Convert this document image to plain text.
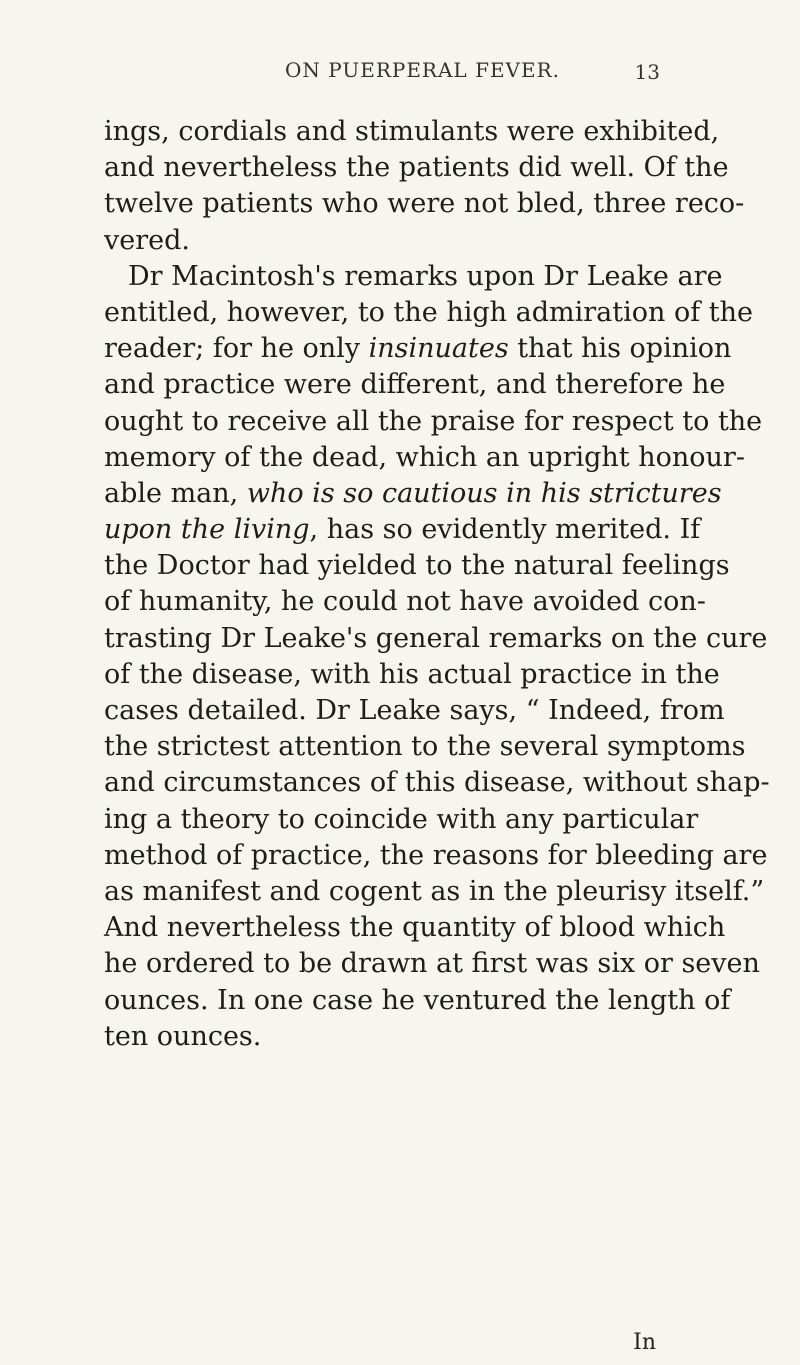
ON PUERPERAL FEVER.	13
ings, cordials and stimulants were exhibited,
and nevertheless the patients did well. Of the
twelve patients who were not bled, three reco-
vered.
Dr Macintosh's remarks upon Dr Leake are
entitled, however, to the high admiration of the
reader; for he only insinuates that his opinion
and practice were different, and therefore he
ought to receive all the praise for respect to the
memory of the dead, which an upright honour-
able man, who is so cautious in his strictures
upon the living, has so evidently merited. If
the Doctor had yielded to the natural feelings
of humanity, he could not have avoided con-
trasting Dr Leake's general remarks on the cure
of the disease, with his actual practice in the
cases detailed. Dr Leake says, “ Indeed, from
the strictest attention to the several symptoms
and circumstances of this disease, without shap-
ing a theory to coincide with any particular
method of practice, the reasons for bleeding are
as manifest and cogent as in the pleurisy itself.”
And nevertheless the quantity of blood which
he ordered to be drawn at first was six or seven
ounces. In one case he ventured the length of
ten ounces.
In
